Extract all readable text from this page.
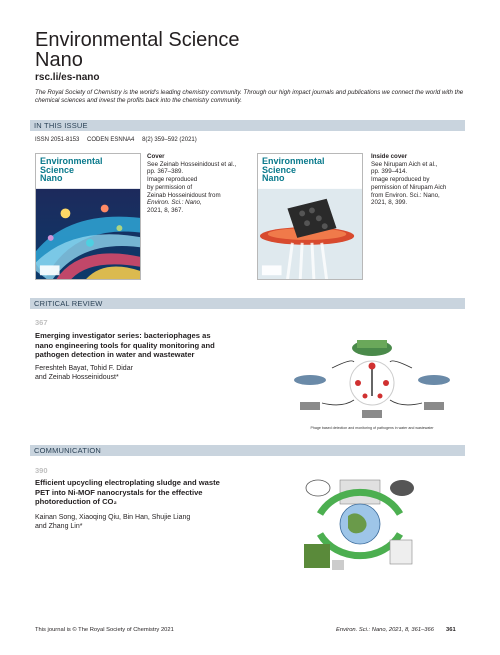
Environmental Science
Nano
rsc.li/es-nano
The Royal Society of Chemistry is the world's leading chemistry community. Through our high impact journals and publications we connect the world with the chemical sciences and invest the profits back into the chemistry community.
IN THIS ISSUE
ISSN 2051-8153 CODEN ESNNA4 8(2) 359–592 (2021)
Environmental
Science
Nano
Cover
See Zeinab Hosseinidoust et al.,
pp. 367–389.
Image reproduced
by permission of
Zeinab Hosseinidoust from
Environ. Sci.: Nano,
2021, 8, 367.
Environmental
Science
Nano
Inside cover
See Nirupam Aich et al.,
pp. 399–414.
Image reproduced by
permission of Nirupam Aich
from Environ. Sci.: Nano,
2021, 8, 399.
CRITICAL REVIEW
367
Emerging investigator series: bacteriophages as
nano engineering tools for quality monitoring and
pathogen detection in water and wastewater
Fereshteh Bayat, Tohid F. Didar
and Zeinab Hosseinidoust*
Phage based detection and monitoring of pathogens in water and wastewater
COMMUNICATION
390
Efficient upcycling electroplating sludge and waste
PET into Ni-MOF nanocrystals for the effective
photoreduction of CO₂
Kainan Song, Xiaoqing Qiu, Bin Han, Shujie Liang
and Zhang Lin*
This journal is © The Royal Society of Chemistry 2021	Environ. Sci.: Nano, 2021, 8, 361–366 361
